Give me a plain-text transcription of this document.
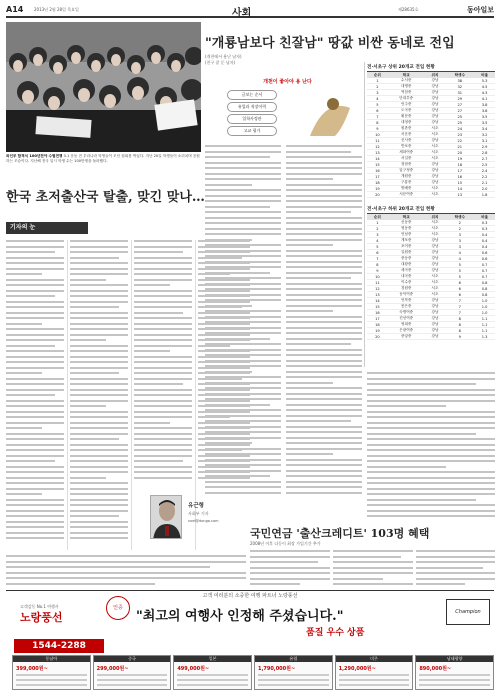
A14	2013년 2월 28일 목요일	사회	제28635호	동아일보
외인부 합격식 100년전야 수험전쟁 3.1 운동 전 우리나라 학생들이 모인 집회를 찍었다. 지난 20일 학생들이 소리치며 응원하는 모습이다. 지난해 전국 입시 학생 수는 100만명을 돌파했다.
한국 초저출산국 탈출, 맞긴 맞나…
기자의 눈
유근형
사회부 기자
noel@donga.com
"개룡남보다 친잘남" 땅값 비싼 동네로 전입
(개천에서 용난 남자)
(친구 잘 둔 남자)
개천이 좋아야 용 난다
글보는 순서
유입과 직장이력
입학사정관
고교 평가
전·서초구 상위 20개교 전입 현황
순위	학교	위치	학생수	비율
1	수서중	강남	38	5.3
2	대명중	강남	32	4.5
3	역삼중	강남	31	4.3
4	단대부중	강남	29	4.1
5	언주중	강남	27	3.8
6	도곡중	강남	27	3.8
7	휘문중	강남	25	3.5
8	대청중	강남	25	3.5
9	원촌중	서초	24	3.4
10	서운중	서초	23	3.2
11	신사중	강남	22	3.1
12	반포중	서초	21	2.9
13	세화여중	서초	20	2.8
14	서일중	서초	19	2.7
15	청담중	강남	18	2.5
16	압구정중	강남	17	2.4
17	개원중	강남	16	2.2
18	구룡중	강남	15	2.1
19	방배중	서초	14	2.0
20	서문여중	서초	13	1.8
전·서초구 하위 20개교 전입 현황
순위	학교	위치	학생수	비율
1	신동중	서초	2	0.3
2	영동중	서초	2	0.3
3	언남중	서초	3	0.4
4	개포중	강남	3	0.4
5	포이중	강남	3	0.4
6	일원중	강남	4	0.6
7	중동중	강남	4	0.6
8	대왕중	강남	5	0.7
9	세곡중	강남	5	0.7
10	내곡중	서초	5	0.7
11	이수중	서초	6	0.8
12	경원중	서초	6	0.8
13	동덕여중	서초	6	0.8
14	언북중	강남	7	1.0
15	봉은중	강남	7	1.0
16	숙명여중	강남	7	1.0
17	진선여중	강남	8	1.1
18	영희중	강남	8	1.1
19	은광여중	강남	8	1.1
20	중앙중	강남	9	1.3
국민연금 '출산크레디트' 103명 혜택
2008년 이후 다둥이 최장 가입기간 추가
고객 여러분의 소중한 여행 파트너 노랑풍선
고객감동 No.1 여행사
노랑풍선
1544-2288
인증
"최고의 여행사 인정해 주셨습니다."
품질 우수 상품
Champion
동남아
399,000원~
중국
299,000원~
일본
499,000원~
유럽
1,790,000원~
미주
1,290,000원~
남태평양
890,000원~
